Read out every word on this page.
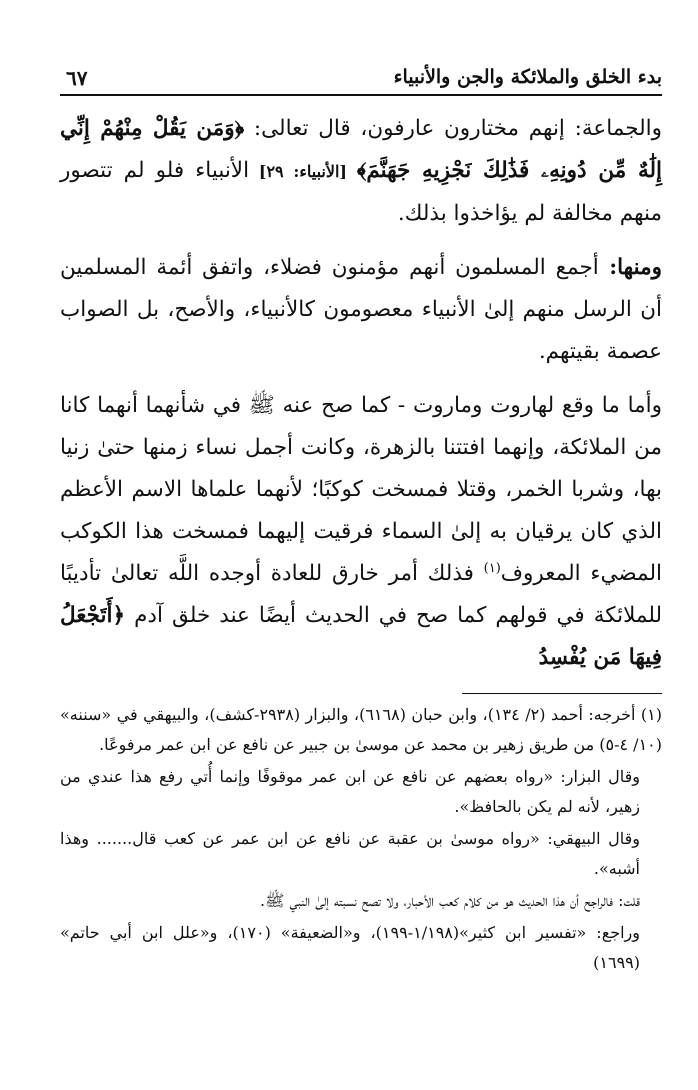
بدء الخلق والملائكة والجن والأنبياء
٦٧

والجماعة: إنهم مختارون عارفون، قال تعالى: ﴿وَمَن يَقُلْ مِنْهُمْ إِنِّي إِلَٰهٌ مِّن دُونِهِۦ فَذَٰلِكَ نَجْزِيهِ جَهَنَّمَ﴾ [الأنبياء: ٢٩] الأنبياء فلو لم تتصور منهم مخالفة لم يؤاخذوا بذلك.

ومنها: أجمع المسلمون أنهم مؤمنون فضلاء، واتفق أئمة المسلمين أن الرسل منهم إلىٰ الأنبياء معصومون كالأنبياء، والأصح، بل الصواب عصمة بقيتهم.

وأما ما وقع لهاروت وماروت - كما صح عنه ﷺ في شأنهما أنهما كانا من الملائكة، وإنهما افتتنا بالزهرة، وكانت أجمل نساء زمنها حتىٰ زنيا بها، وشربا الخمر، وقتلا فمسخت كوكبًا؛ لأنهما علماها الاسم الأعظم الذي كان يرقيان به إلىٰ السماء فرقيت إليهما فمسخت هذا الكوكب المضيء المعروف$^{(١)}$ فذلك أمر خارق للعادة أوجده اللَّه تعالىٰ تأديبًا للملائكة في قولهم كما صح في الحديث أيضًا عند خلق آدم ﴿أَتَجْعَلُ فِيهَا مَن يُفْسِدُ

(١) أخرجه: أحمد (٢/ ١٣٤)، وابن حبان (٦١٦٨)، والبزار (٢٩٣٨-كشف)، والبيهقي في «سننه» (١٠/ ٤-٥) من طريق زهير بن محمد عن موسىٰ بن جبير عن نافع عن ابن عمر مرفوعًا.

وقال البزار: «رواه بعضهم عن نافع عن ابن عمر موقوفًا وإنما أُتي رفع هذا عندي من زهير، لأنه لم يكن بالحافظ».

وقال البيهقي: «رواه موسىٰ بن عقبة عن نافع عن ابن عمر عن كعب قال....... وهذا أشبه».

قلت: فالراجح أن هذا الحديث هو من كلام كعب الأحبار، ولا تصح نسبته إلىٰ النبي ﷺ.

وراجع: «تفسير ابن كثير»(١/١٩٨-١٩٩)، و«الضعيفة» (١٧٠)، و«علل ابن أبي حاتم» (١٦٩٩)
